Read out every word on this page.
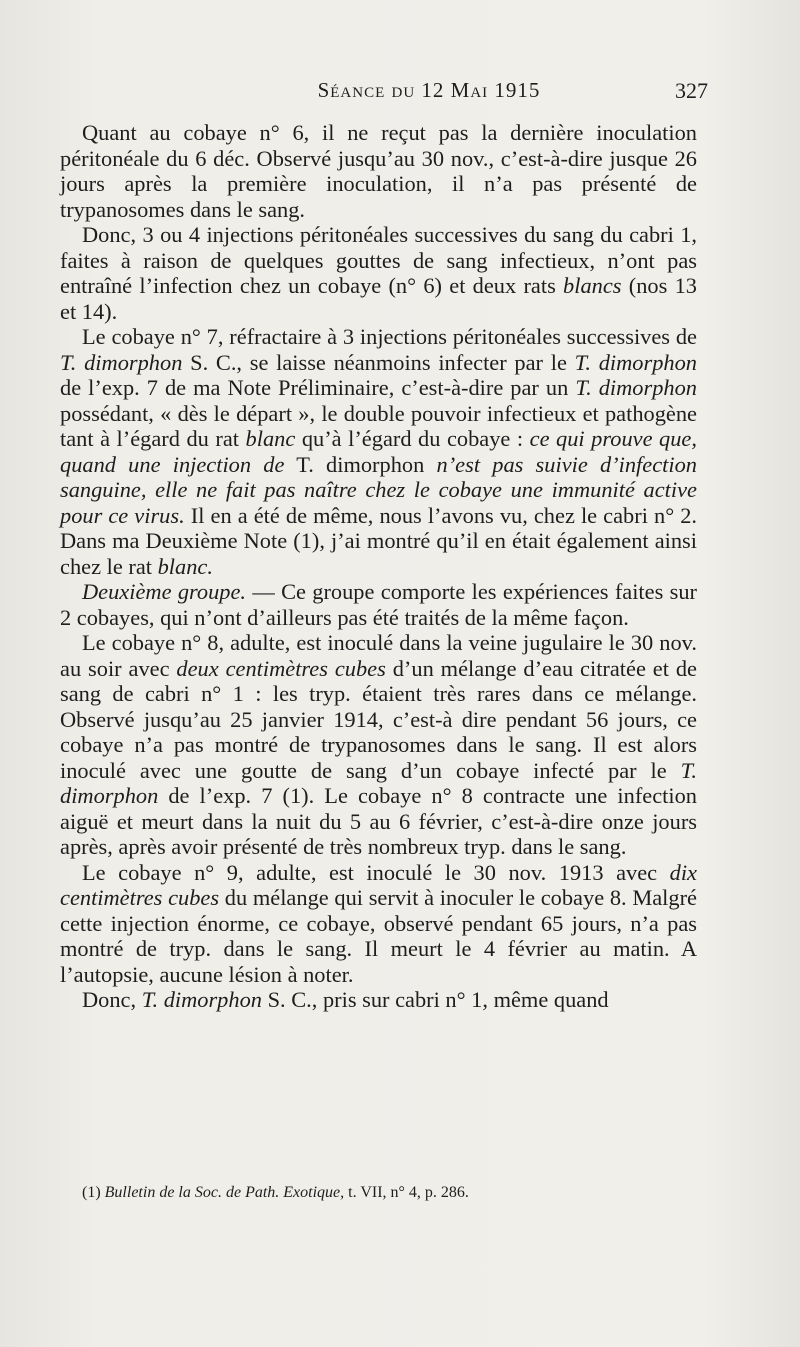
Séance du 12 Mai 1915	327

Quant au cobaye n° 6, il ne reçut pas la dernière inoculation péritonéale du 6 déc. Observé jusqu’au 30 nov., c’est-à-dire jusque 26 jours après la première inoculation, il n’a pas présenté de trypanosomes dans le sang.

Donc, 3 ou 4 injections péritonéales successives du sang du cabri 1, faites à raison de quelques gouttes de sang infectieux, n’ont pas entraîné l’infection chez un cobaye (n° 6) et deux rats blancs (nos 13 et 14).

Le cobaye n° 7, réfractaire à 3 injections péritonéales successives de T. dimorphon S. C., se laisse néanmoins infecter par le T. dimorphon de l’exp. 7 de ma Note Préliminaire, c’est-à-dire par un T. dimorphon possédant, « dès le départ », le double pouvoir infectieux et pathogène tant à l’égard du rat blanc qu’à l’égard du cobaye : ce qui prouve que, quand une injection de T. dimorphon n’est pas suivie d’infection sanguine, elle ne fait pas naître chez le cobaye une immunité active pour ce virus. Il en a été de même, nous l’avons vu, chez le cabri n° 2. Dans ma Deuxième Note (1), j’ai montré qu’il en était également ainsi chez le rat blanc.

Deuxième groupe. — Ce groupe comporte les expériences faites sur 2 cobayes, qui n’ont d’ailleurs pas été traités de la même façon.

Le cobaye n° 8, adulte, est inoculé dans la veine jugulaire le 30 nov. au soir avec deux centimètres cubes d’un mélange d’eau citratée et de sang de cabri n° 1 : les tryp. étaient très rares dans ce mélange. Observé jusqu’au 25 janvier 1914, c’est-à dire pendant 56 jours, ce cobaye n’a pas montré de trypanosomes dans le sang. Il est alors inoculé avec une goutte de sang d’un cobaye infecté par le T. dimorphon de l’exp. 7 (1). Le cobaye n° 8 contracte une infection aiguë et meurt dans la nuit du 5 au 6 février, c’est-à-dire onze jours après, après avoir présenté de très nombreux tryp. dans le sang.

Le cobaye n° 9, adulte, est inoculé le 30 nov. 1913 avec dix centimètres cubes du mélange qui servit à inoculer le cobaye 8. Malgré cette injection énorme, ce cobaye, observé pendant 65 jours, n’a pas montré de tryp. dans le sang. Il meurt le 4 février au matin. A l’autopsie, aucune lésion à noter.

Donc, T. dimorphon S. C., pris sur cabri n° 1, même quand

(1) Bulletin de la Soc. de Path. Exotique, t. VII, n° 4, p. 286.
